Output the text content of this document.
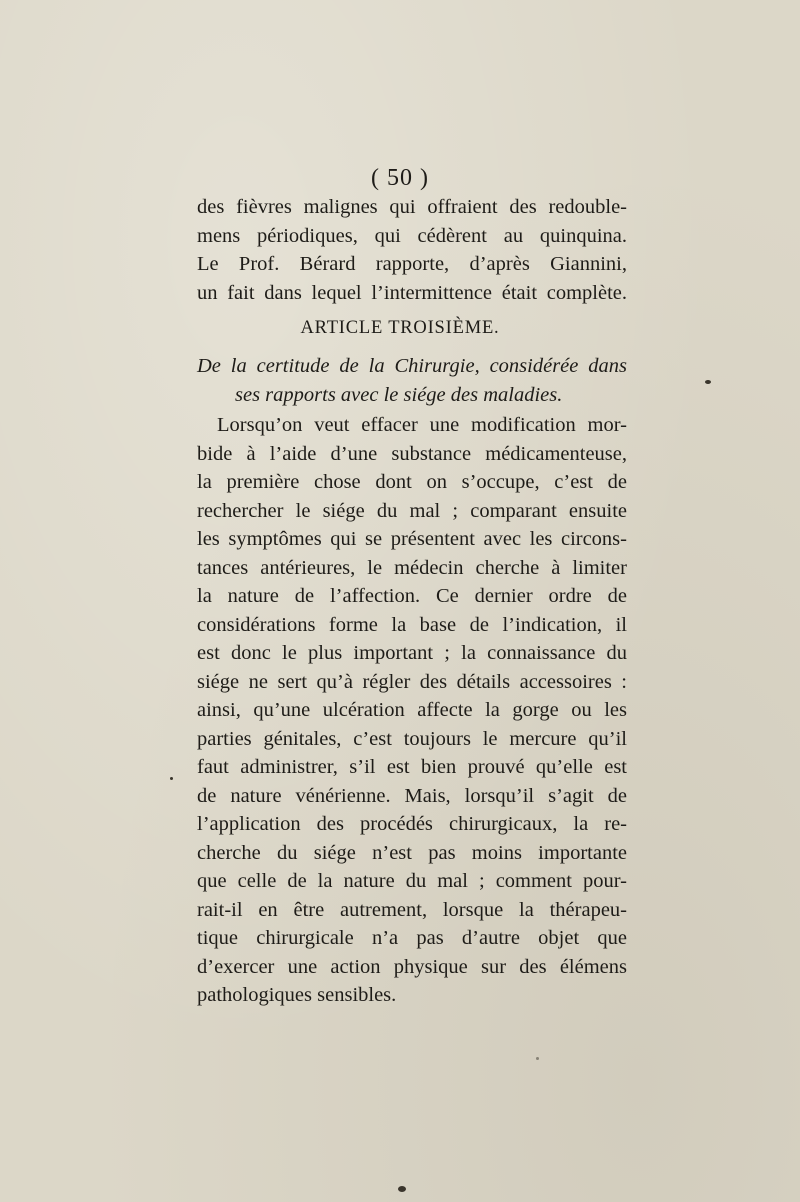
( 50 )
des fièvres malignes qui offraient des redouble-
mens périodiques, qui cédèrent au quinquina.
Le Prof. Bérard rapporte, d’après Giannini,
un fait dans lequel l’intermittence était complète.
ARTICLE TROISIÈME.
De la certitude de la Chirurgie, considérée dans
ses rapports avec le siége des maladies.
Lorsqu’on veut effacer une modification mor-
bide à l’aide d’une substance médicamenteuse,
la première chose dont on s’occupe, c’est de
rechercher le siége du mal ; comparant ensuite
les symptômes qui se présentent avec les circons-
tances antérieures, le médecin cherche à limiter
la nature de l’affection. Ce dernier ordre de
considérations forme la base de l’indication, il
est donc le plus important ; la connaissance du
siége ne sert qu’à régler des détails accessoires :
ainsi, qu’une ulcération affecte la gorge ou les
parties génitales, c’est toujours le mercure qu’il
faut administrer, s’il est bien prouvé qu’elle est
de nature vénérienne. Mais, lorsqu’il s’agit de
l’application des procédés chirurgicaux, la re-
cherche du siége n’est pas moins importante
que celle de la nature du mal ; comment pour-
rait-il en être autrement, lorsque la thérapeu-
tique chirurgicale n’a pas d’autre objet que
d’exercer une action physique sur des élémens
pathologiques sensibles.
